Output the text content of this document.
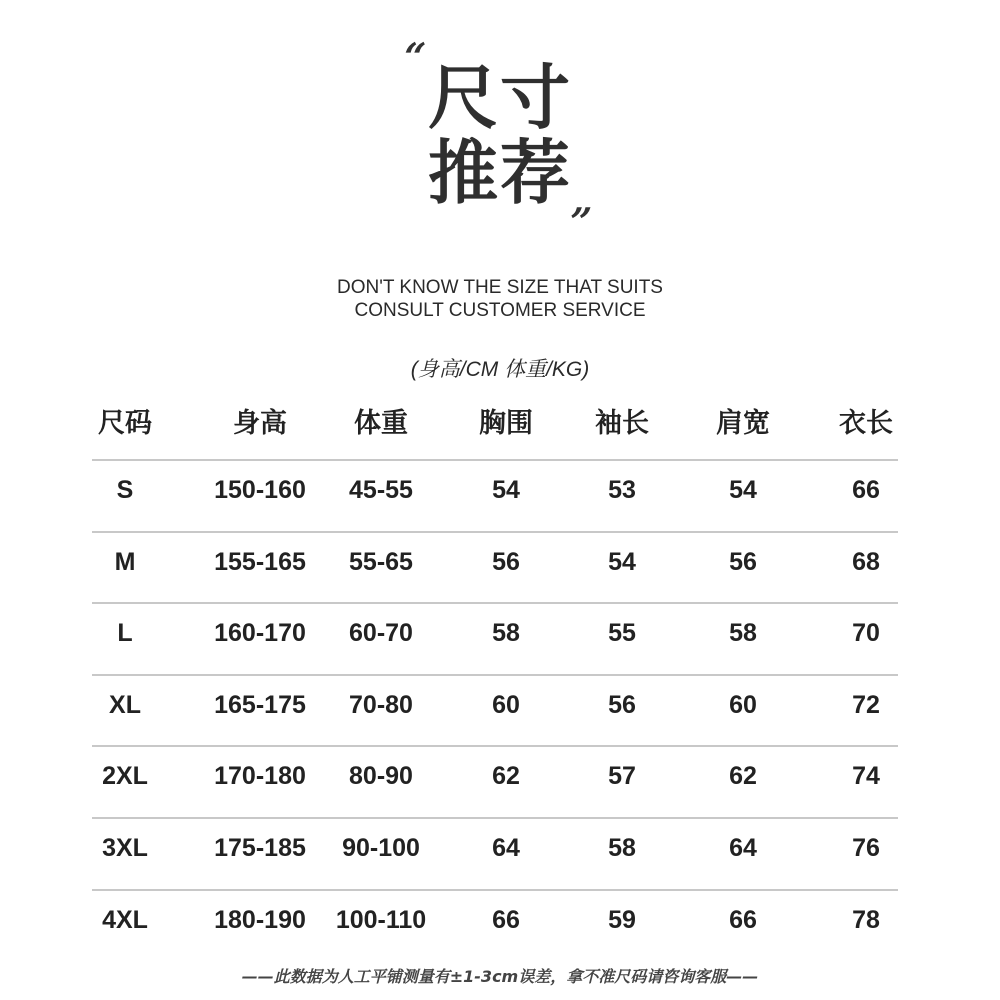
“
尺寸
推荐
”
DON'T KNOW THE SIZE THAT SUITS
CONSULT CUSTOMER SERVICE
(身高/CM 体重/KG)
尺码	身高 体重	胸围 袖长 肩宽	衣长
S	150-160 45-55	54	53	54	66
M	155-165 55-65	56	54	56	68
L	160-170 60-70	58	55	58	70
XL	165-175 70-80	60	56	60	72
2XL	170-180 80-90	62	57	62	74
3XL	175-185 90-100	64	58	64	76
4XL	180-190 100-110	66	59	66	78
——此数据为人工平铺测量有±1-3cm误差，拿不准尺码请咨询客服——
